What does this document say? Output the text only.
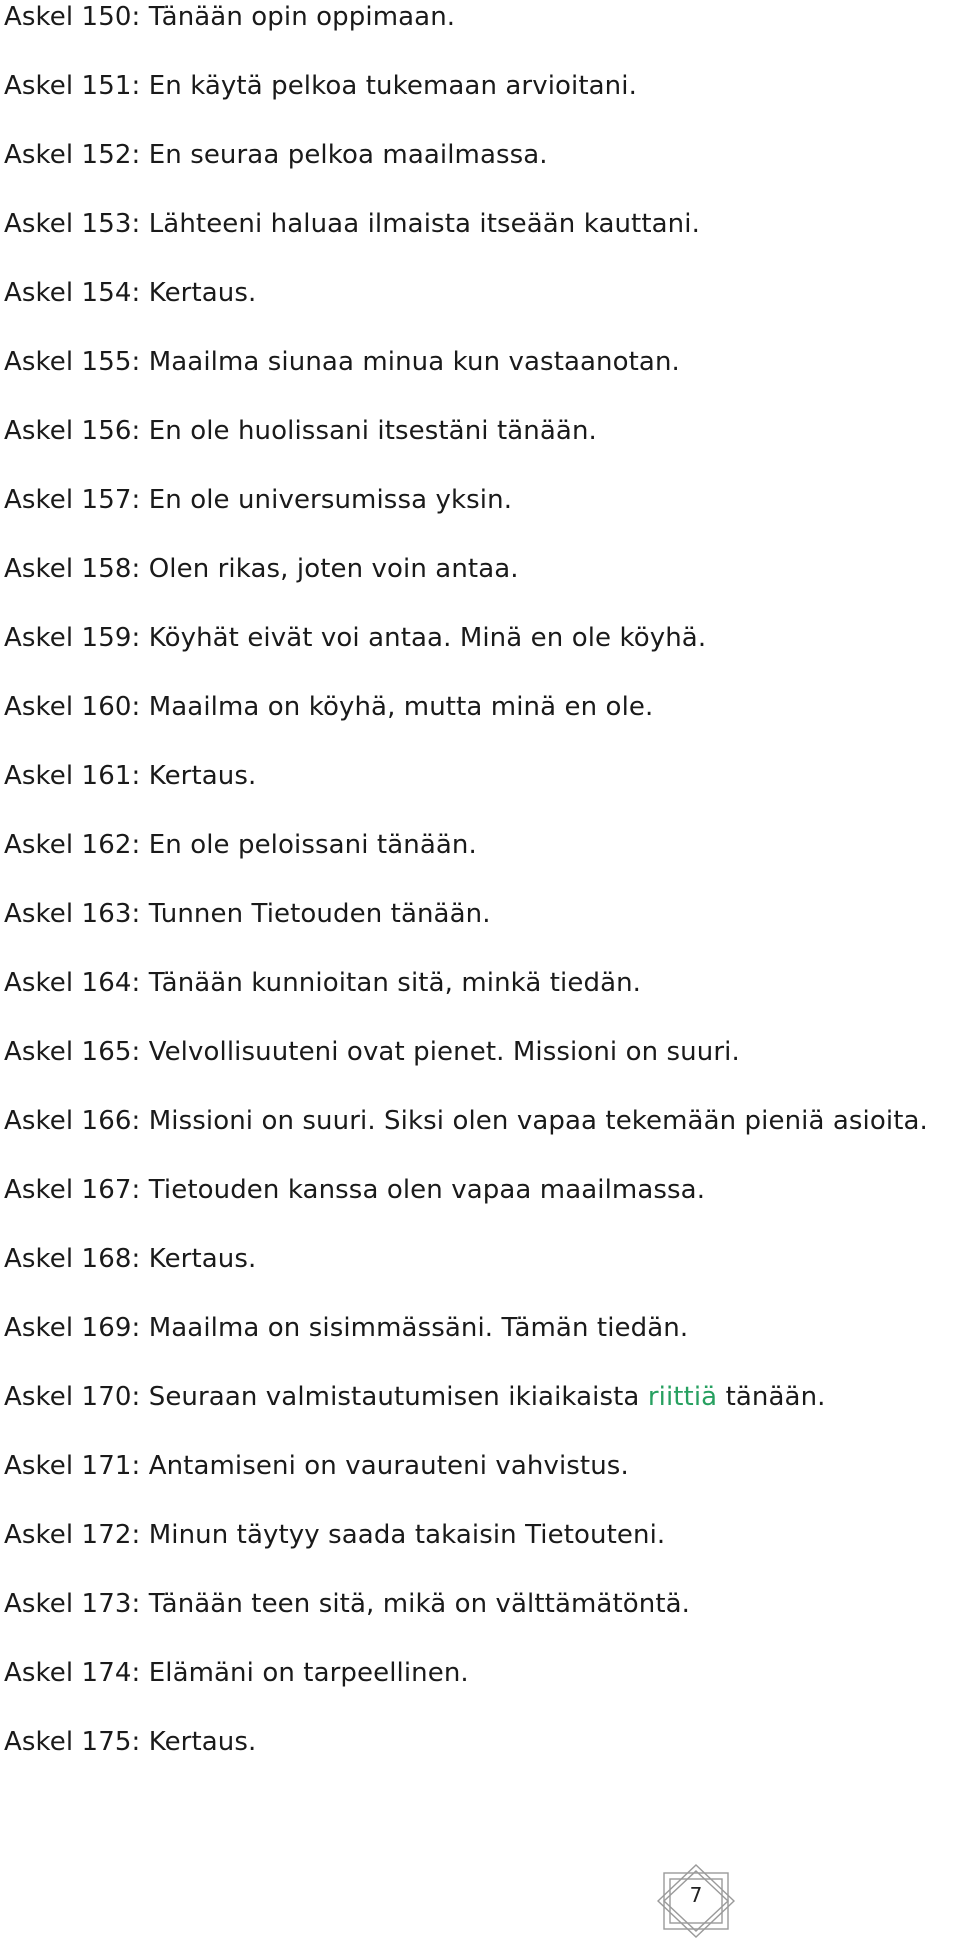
Askel 150: Tänään opin oppimaan.
Askel 151: En käytä pelkoa tukemaan arvioitani.
Askel 152: En seuraa pelkoa maailmassa.
Askel 153: Lähteeni haluaa ilmaista itseään kauttani.
Askel 154: Kertaus.
Askel 155: Maailma siunaa minua kun vastaanotan.
Askel 156: En ole huolissani itsestäni tänään.
Askel 157: En ole universumissa yksin.
Askel 158: Olen rikas, joten voin antaa.
Askel 159: Köyhät eivät voi antaa. Minä en ole köyhä.
Askel 160: Maailma on köyhä, mutta minä en ole.
Askel 161: Kertaus.
Askel 162: En ole peloissani tänään.
Askel 163: Tunnen Tietouden tänään.
Askel 164: Tänään kunnioitan sitä, minkä tiedän.
Askel 165: Velvollisuuteni ovat pienet. Missioni on suuri.
Askel 166: Missioni on suuri. Siksi olen vapaa tekemään pieniä asioita.
Askel 167: Tietouden kanssa olen vapaa maailmassa.
Askel 168: Kertaus.
Askel 169: Maailma on sisimmässäni. Tämän tiedän.
Askel 170: Seuraan valmistautumisen ikiaikaista riittiä tänään.
Askel 171: Antamiseni on vaurauteni vahvistus.
Askel 172: Minun täytyy saada takaisin Tietouteni.
Askel 173: Tänään teen sitä, mikä on välttämätöntä.
Askel 174: Elämäni on tarpeellinen.
Askel 175: Kertaus.
7
